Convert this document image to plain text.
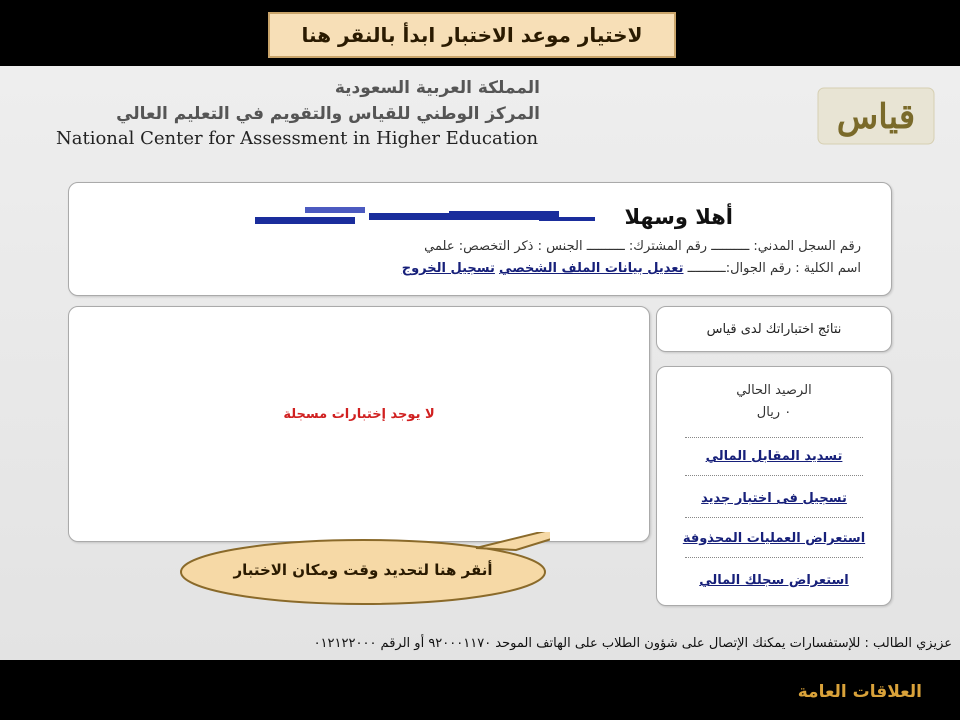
لاختيار موعد الاختبار ابدأ بالنقر هنا
المملكة العربية السعودية
المركز الوطني للقياس والتقويم في التعليم العالي
National Center for Assessment in Higher Education
قياس
أهلا وسهلا
رقم السجل المدني: ــــــــــ رقم المشترك: ــــــــــ الجنس : ذكر التخصص: علمي
اسم الكلية : رقم الجوال:ــــــــــ تعديل بيانات الملف الشخصي تسجيل الخروج
لا يوجد إختبارات مسجلة
نتائج اختباراتك لدى قياس
الرصيد الحالي
٠ ريال
تسديد المقابل المالي
تسجيل فى اختبار جديد
استعراض العمليات المحذوفة
استعراض سجلك المالي
عزيزي الطالب : للإستفسارات يمكنك الإتصال على شؤون الطلاب على الهاتف الموحد ٩٢٠٠٠١١٧٠ أو الرقم ٠١٢١٢٢٠٠٠
أنقر هنا لتحديد وقت ومكان الاختبار
العلاقات العامة
